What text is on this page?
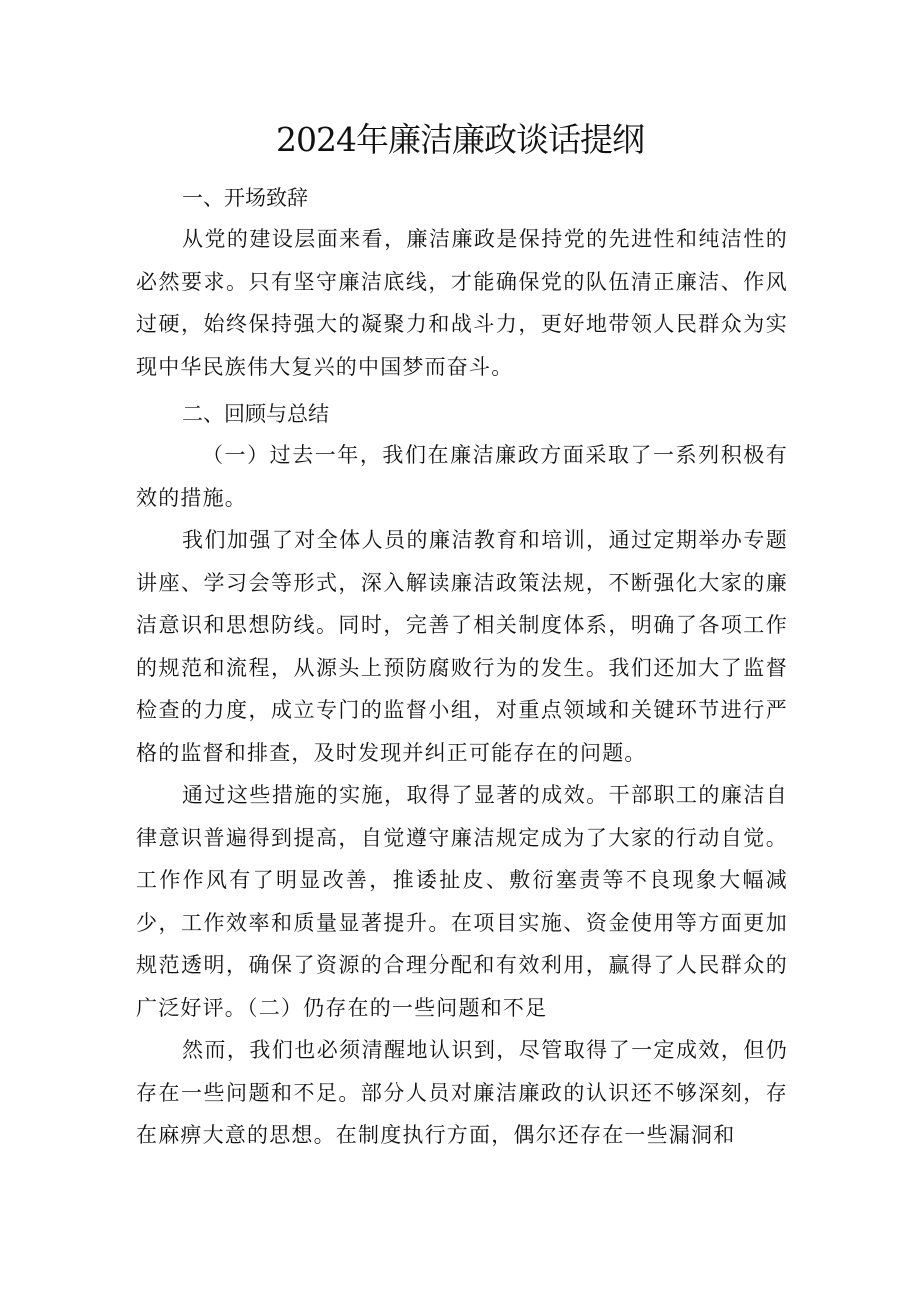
2024年廉洁廉政谈话提纲

一、开场致辞

从党的建设层面来看，廉洁廉政是保持党的先进性和纯洁性的必然要求。只有坚守廉洁底线，才能确保党的队伍清正廉洁、作风过硬，始终保持强大的凝聚力和战斗力，更好地带领人民群众为实现中华民族伟大复兴的中国梦而奋斗。

二、回顾与总结

（一）过去一年，我们在廉洁廉政方面采取了一系列积极有效的措施。

我们加强了对全体人员的廉洁教育和培训，通过定期举办专题讲座、学习会等形式，深入解读廉洁政策法规，不断强化大家的廉洁意识和思想防线。同时，完善了相关制度体系，明确了各项工作的规范和流程，从源头上预防腐败行为的发生。我们还加大了监督检查的力度，成立专门的监督小组，对重点领域和关键环节进行严格的监督和排查，及时发现并纠正可能存在的问题。

通过这些措施的实施，取得了显著的成效。干部职工的廉洁自律意识普遍得到提高，自觉遵守廉洁规定成为了大家的行动自觉。工作作风有了明显改善，推诿扯皮、敷衍塞责等不良现象大幅减少，工作效率和质量显著提升。在项目实施、资金使用等方面更加规范透明，确保了资源的合理分配和有效利用，赢得了人民群众的广泛好评。（二）仍存在的一些问题和不足

然而，我们也必须清醒地认识到，尽管取得了一定成效，但仍存在一些问题和不足。部分人员对廉洁廉政的认识还不够深刻，存在麻痹大意的思想。在制度执行方面，偶尔还存在一些漏洞和
